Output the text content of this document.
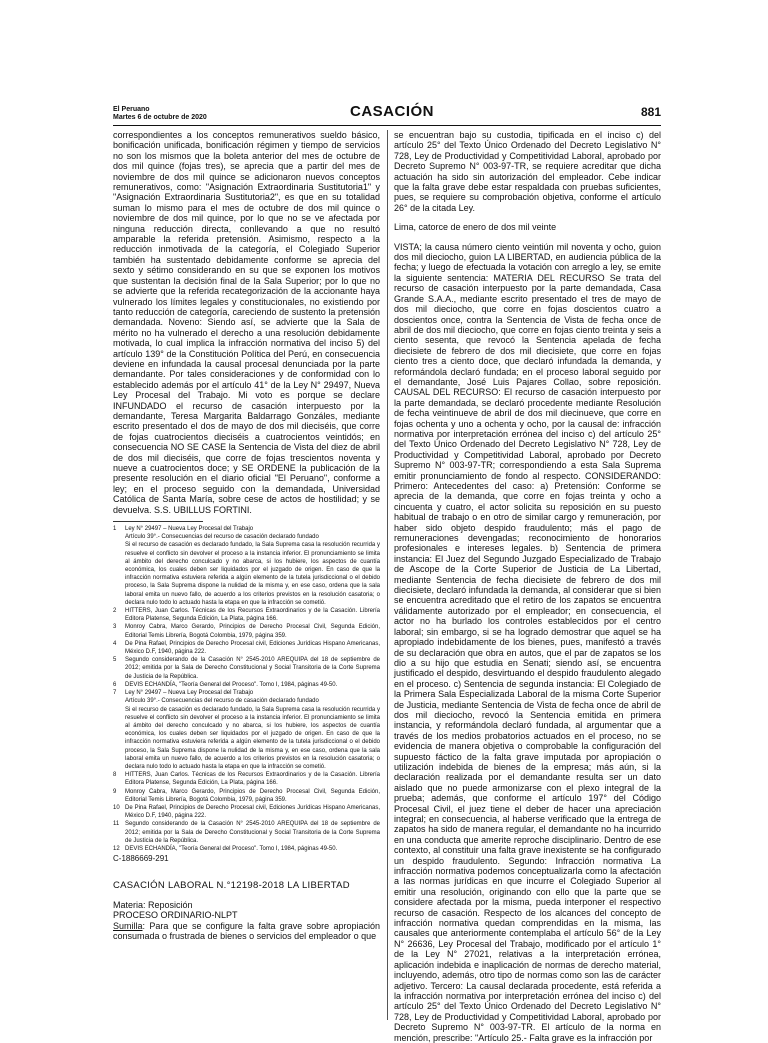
El Peruano
Martes 6 de octubre de 2020	CASACIÓN	881

correspondientes a los conceptos remunerativos sueldo básico, bonificación unificada, bonificación régimen y tiempo de servicios no son los mismos que la boleta anterior del mes de octubre de dos mil quince (fojas tres), se aprecia que a partir del mes de noviembre de dos mil quince se adicionaron nuevos conceptos remunerativos, como: "Asignación Extraordinaria Sustitutoria1" y "Asignación Extraordinaria Sustitutoria2", es que en su totalidad suman lo mismo para el mes de octubre de dos mil quince o noviembre de dos mil quince, por lo que no se ve afectada por ninguna reducción directa, conllevando a que no resultó amparable la referida pretensión. Asimismo, respecto a la reducción inmotivada de la categoría, el Colegiado Superior también ha sustentado debidamente conforme se aprecia del sexto y sétimo considerando en su que se exponen los motivos que sustentan la decisión final de la Sala Superior; por lo que no se advierte que la referida recategorización de la accionante haya vulnerado los límites legales y constitucionales, no existiendo por tanto reducción de categoría, careciendo de sustento la pretensión demandada. Noveno: Siendo así, se advierte que la Sala de mérito no ha vulnerado el derecho a una resolución debidamente motivada, lo cual implica la infracción normativa del inciso 5) del artículo 139° de la Constitución Política del Perú, en consecuencia deviene en infundada la causal procesal denunciada por la parte demandante. Por tales consideraciones y de conformidad con lo establecido además por el artículo 41° de la Ley N° 29497, Nueva Ley Procesal del Trabajo. Mi voto es porque se declare INFUNDADO el recurso de casación interpuesto por la demandante, Teresa Margarita Baldarrago Gonzáles, mediante escrito presentado el dos de mayo de dos mil dieciséis, que corre de fojas cuatrocientos dieciséis a cuatrocientos veintidós; en consecuencia NO SE CASE la Sentencia de Vista del diez de abril de dos mil dieciséis, que corre de fojas trescientos noventa y nueve a cuatrocientos doce; y SE ORDENE la publicación de la presente resolución en el diario oficial "El Peruano", conforme a ley; en el proceso seguido con la demandada, Universidad Católica de Santa María, sobre cese de actos de hostilidad; y se devuelva. S.S. UBILLUS FORTINI.

1	Ley N° 29497 – Nueva Ley Procesal del Trabajo
Artículo 39°.- Consecuencias del recurso de casación declarado fundado
Si el recurso de casación es declarado fundado, la Sala Suprema casa la resolución recurrida y resuelve el conflicto sin devolver el proceso a la instancia inferior. El pronunciamiento se limita al ámbito del derecho conculcado y no abarca, si los hubiere, los aspectos de cuantía económica, los cuales deben ser liquidados por el juzgado de origen. En caso de que la infracción normativa estuviera referida a algún elemento de la tutela jurisdiccional o el debido proceso, la Sala Suprema dispone la nulidad de la misma y, en ese caso, ordena que la sala laboral emita un nuevo fallo, de acuerdo a los criterios previstos en la resolución casatoria; o declara nulo todo lo actuado hasta la etapa en que la infracción se cometió.
2	HITTERS, Juan Carlos. Técnicas de los Recursos Extraordinarios y de la Casación. Librería Editora Platense, Segunda Edición, La Plata, página 166.
3	Monroy Cabra, Marco Gerardo, Principios de Derecho Procesal Civil, Segunda Edición, Editorial Temis Librería, Bogotá Colombia, 1979, página 359.
4	De Pina Rafael, Principios de Derecho Procesal civil, Ediciones Jurídicas Hispano Americanas, México D.F, 1940, página 222.
5	Segundo considerando de la Casación N° 2545-2010 AREQUIPA del 18 de septiembre de 2012; emitida por la Sala de Derecho Constitucional y Social Transitoria de la Corte Suprema de Justicia de la República.
6	DEVIS ECHANDÍA, "Teoría General del Proceso". Tomo I, 1984, páginas 49-50.
7	Ley N° 29497 – Nueva Ley Procesal del Trabajo
Artículo 39°.- Consecuencias del recurso de casación declarado fundado
Si el recurso de casación es declarado fundado, la Sala Suprema casa la resolución recurrida y resuelve el conflicto sin devolver el proceso a la instancia inferior. El pronunciamiento se limita al ámbito del derecho conculcado y no abarca, si los hubiere, los aspectos de cuantía económica, los cuales deben ser liquidados por el juzgado de origen. En caso de que la infracción normativa estuviera referida a algún elemento de la tutela jurisdiccional o el debido proceso, la Sala Suprema dispone la nulidad de la misma y, en ese caso, ordena que la sala laboral emita un nuevo fallo, de acuerdo a los criterios previstos en la resolución casatoria; o declara nulo todo lo actuado hasta la etapa en que la infracción se cometió.
8	HITTERS, Juan Carlos. Técnicas de los Recursos Extraordinarios y de la Casación. Librería Editora Platense, Segunda Edición, La Plata, página 166.
9	Monroy Cabra, Marco Gerardo, Principios de Derecho Procesal Civil, Segunda Edición, Editorial Temis Librería, Bogotá Colombia, 1979, página 359.
10 De Pina Rafael, Principios de Derecho Procesal civil, Ediciones Jurídicas Hispano Americanas, México D.F, 1940, página 222.
11 Segundo considerando de la Casación N° 2545-2010 AREQUIPA del 18 de septiembre de 2012; emitida por la Sala de Derecho Constitucional y Social Transitoria de la Corte Suprema de Justicia de la República.
12 DEVIS ECHANDÍA, "Teoría General del Proceso". Tomo I, 1984, páginas 49-50.
C-1886669-291
CASACIÓN LABORAL N.°12198-2018 LA LIBERTAD
Materia: Reposición
PROCESO ORDINARIO-NLPT

Sumilla: Para que se configure la falta grave sobre apropiación consumada o frustrada de bienes o servicios del empleador o que

se encuentran bajo su custodia, tipificada en el inciso c) del artículo 25° del Texto Único Ordenado del Decreto Legislativo N° 728, Ley de Productividad y Competitividad Laboral, aprobado por Decreto Supremo N° 003-97-TR, se requiere acreditar que dicha actuación ha sido sin autorización del empleador. Cebe indicar que la falta grave debe estar respaldada con pruebas suficientes, pues, se requiere su comprobación objetiva, conforme el artículo 26° de la citada Ley.

Lima, catorce de enero de dos mil veinte

VISTA; la causa número ciento veintiún mil noventa y ocho, guion dos mil dieciocho, guion LA LIBERTAD, en audiencia pública de la fecha; y luego de efectuada la votación con arreglo a ley, se emite la siguiente sentencia: MATERIA DEL RECURSO Se trata del recurso de casación interpuesto por la parte demandada, Casa Grande S.A.A., mediante escrito presentado el tres de mayo de dos mil dieciocho, que corre en fojas doscientos cuatro a doscientos once, contra la Sentencia de Vista de fecha once de abril de dos mil dieciocho, que corre en fojas ciento treinta y seis a ciento sesenta, que revocó la Sentencia apelada de fecha diecisiete de febrero de dos mil diecisiete, que corre en fojas ciento tres a ciento doce, que declaró infundada la demanda, y reformándola declaró fundada; en el proceso laboral seguido por el demandante, José Luis Pajares Collao, sobre reposición. CAUSAL DEL RECURSO: El recurso de casación interpuesto por la parte demandada, se declaró procedente mediante Resolución de fecha veintinueve de abril de dos mil diecinueve, que corre en fojas ochenta y uno a ochenta y ocho, por la causal de: infracción normativa por interpretación errónea del inciso c) del artículo 25° del Texto Único Ordenado del Decreto Legislativo N° 728, Ley de Productividad y Competitividad Laboral, aprobado por Decreto Supremo N° 003-97-TR; correspondiendo a esta Sala Suprema emitir pronunciamiento de fondo al respecto. CONSIDERANDO: Primero: Antecedentes del caso: a) Pretensión: Conforme se aprecia de la demanda, que corre en fojas treinta y ocho a cincuenta y cuatro, el actor solicita su reposición en su puesto habitual de trabajo o en otro de similar cargo y remuneración, por haber sido objeto despido fraudulento; más el pago de remuneraciones devengadas; reconocimiento de honorarios profesionales e intereses legales. b) Sentencia de primera instancia: El Juez del Segundo Juzgado Especializado de Trabajo de Ascope de la Corte Superior de Justicia de La Libertad, mediante Sentencia de fecha diecisiete de febrero de dos mil diecisiete, declaró infundada la demanda, al considerar que si bien se encuentra acreditado que el retiro de los zapatos se encuentra válidamente autorizado por el empleador; en consecuencia, el actor no ha burlado los controles establecidos por el centro laboral; sin embargo, si se ha logrado demostrar que aquel se ha apropiado indebidamente de los bienes, pues, manifestó a través de su declaración que obra en autos, que el par de zapatos se los dio a su hijo que estudia en Senati; siendo así, se encuentra justificado el despido, desvirtuando el despido fraudulento alegado en el proceso. c) Sentencia de segunda instancia: El Colegiado de la Primera Sala Especializada Laboral de la misma Corte Superior de Justicia, mediante Sentencia de Vista de fecha once de abril de dos mil dieciocho, revocó la Sentencia emitida en primera instancia, y reformándola declaró fundada, al argumentar que a través de los medios probatorios actuados en el proceso, no se evidencia de manera objetiva o comprobable la configuración del supuesto fáctico de la falta grave imputada por apropiación o utilización indebida de bienes de la empresa; más aún, si la declaración realizada por el demandante resulta ser un dato aislado que no puede armonizarse con el plexo integral de la prueba; además, que conforme el artículo 197° del Código Procesal Civil, el juez tiene el deber de hacer una apreciación integral; en consecuencia, al haberse verificado que la entrega de zapatos ha sido de manera regular, el demandante no ha incurrido en una conducta que amerite reproche disciplinario. Dentro de ese contexto, al constituir una falta grave inexistente se ha configurado un despido fraudulento. Segundo: Infracción normativa La infracción normativa podemos conceptualizarla como la afectación a las normas jurídicas en que incurre el Colegiado Superior al emitir una resolución, originando con ello que la parte que se considere afectada por la misma, pueda interponer el respectivo recurso de casación. Respecto de los alcances del concepto de infracción normativa quedan comprendidas en la misma, las causales que anteriormente contemplaba el artículo 56° de la Ley N° 26636, Ley Procesal del Trabajo, modificado por el artículo 1° de la Ley N° 27021, relativas a la interpretación errónea, aplicación indebida e inaplicación de normas de derecho material, incluyendo, además, otro tipo de normas como son las de carácter adjetivo. Tercero: La causal declarada procedente, está referida a la infracción normativa por interpretación errónea del inciso c) del artículo 25° del Texto Único Ordenado del Decreto Legislativo N° 728, Ley de Productividad y Competitividad Laboral, aprobado por Decreto Supremo N° 003-97-TR. El artículo de la norma en mención, prescribe: "Artículo 25.- Falta grave es la infracción por
